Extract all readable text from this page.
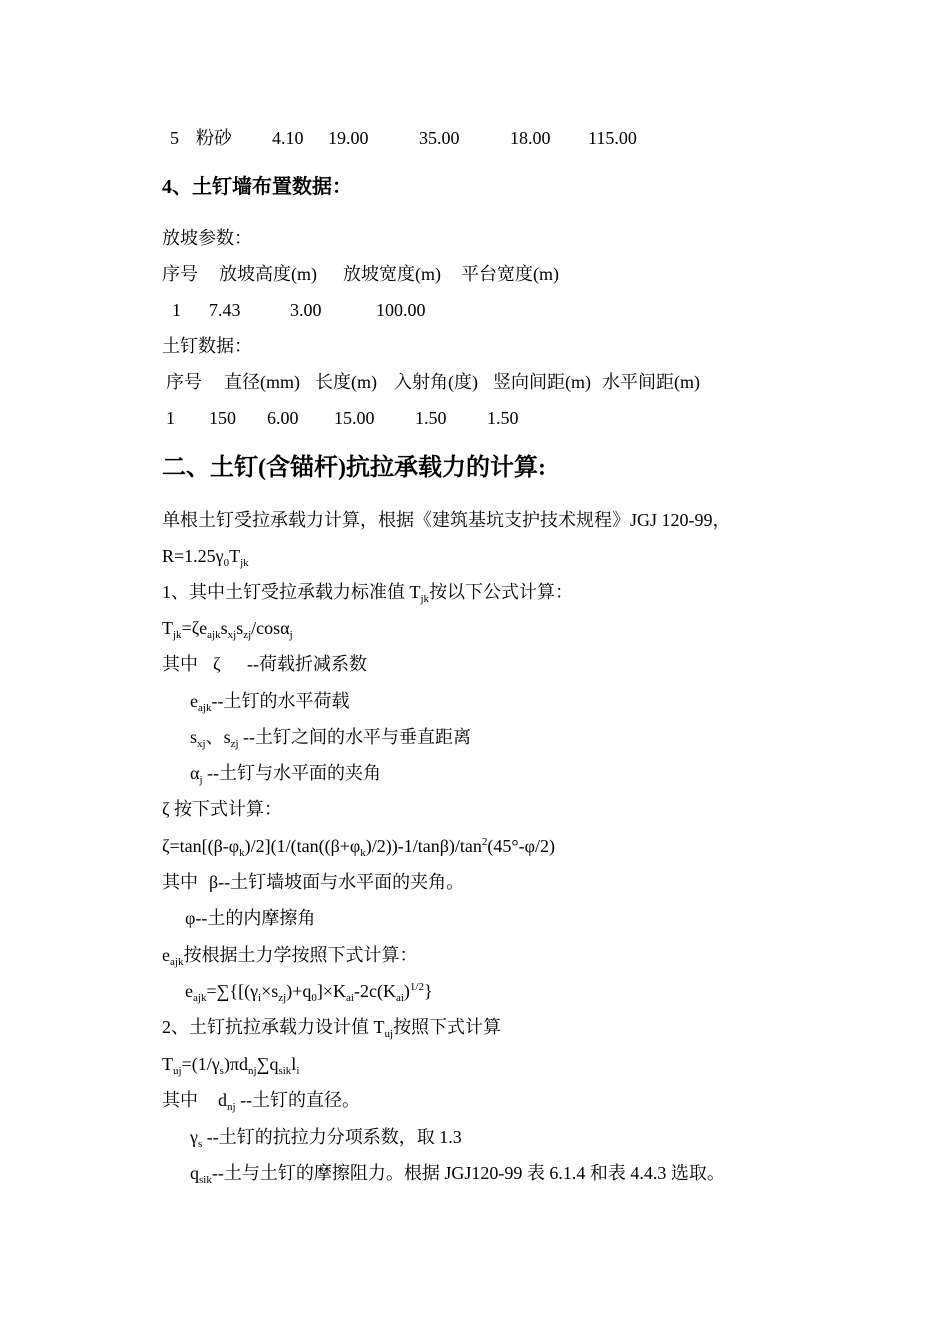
5 粉砂 4.10 19.00	35.00	18.00 115.00
4、土钉墙布置数据：
放坡参数：
序号 放坡高度(m) 放坡宽度(m) 平台宽度(m)
1 7.43	3.00	100.00
土钉数据：
序号 直径(mm) 长度(m) 入射角(度) 竖向间距(m) 水平间距(m)
1 150 6.00 15.00 1.50 1.50
二、土钉(含锚杆)抗拉承载力的计算:
单根土钉受拉承载力计算，根据《建筑基坑支护技术规程》JGJ 120-99，
$R=1.25\gamma_0T_{jk}$
1、其中土钉受拉承载力标准值 $T_{jk}$按以下公式计算：
$T_{jk}=\zeta e_{ajk}s_{xj}s_{zj}/\cos\alpha_j$
其中 ζ --荷载折减系数
$e_{ajk}--$土钉的水平荷载
$s_{xj}$、$s_{zj}$ --土钉之间的水平与垂直距离
$\alpha_j$ --土钉与水平面的夹角
ζ 按下式计算：
$\zeta=\tan[(\beta-\varphi_k)/2](1/(\tan((\beta+\varphi_k)/2))-1/\tan\beta)/\tan^2(45^\circ-\varphi/2)$
其中 β--土钉墙坡面与水平面的夹角。
φ--土的内摩擦角
$e_{ajk}$按根据土力学按照下式计算：
$e_{ajk}=\sum\{[(\gamma_i\times s_{zj})+q_0]\times K_{ai}-2c(K_{ai})^{1/2}\}$
2、土钉抗拉承载力设计值 $T_{uj}$按照下式计算
$T_{uj}=(1/\gamma_s)\pi d_{nj}\sum q_{sik}l_i$
其中 $d_{nj}$ --土钉的直径。
$\gamma_s$ --土钉的抗拉力分项系数，取 1.3
$q_{sik}--$土与土钉的摩擦阻力。根据 JGJ120-99 表 6.1.4 和表 4.4.3 选取。
